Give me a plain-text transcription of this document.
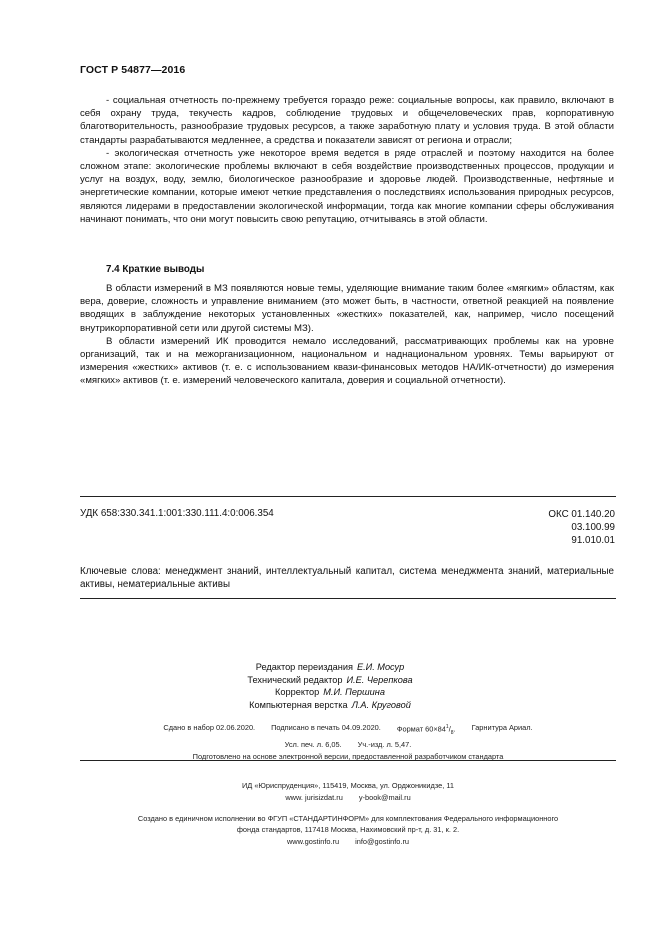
ГОСТ Р 54877—2016

- социальная отчетность по-прежнему требуется гораздо реже: социальные вопросы, как правило, включают в себя охрану труда, текучесть кадров, соблюдение трудовых и общечеловеческих прав, корпоративную благотворительность, разнообразие трудовых ресурсов, а также заработную плату и условия труда. В этой области стандарты разрабатываются медленнее, а средства и показатели зависят от региона и отрасли;

- экологическая отчетность уже некоторое время ведется в ряде отраслей и поэтому находится на более сложном этапе: экологические проблемы включают в себя воздействие производственных процессов, продукции и услуг на воздух, воду, землю, биологическое разнообразие и здоровье людей. Производственные, нефтяные и энергетические компании, которые имеют четкие представления о последствиях использования природных ресурсов, являются лидерами в предоставлении экологической информации, тогда как многие компании сферы обслуживания начинают понимать, что они могут повысить свою репутацию, отчитываясь в этой области.

7.4 Краткие выводы

В области измерений в МЗ появляются новые темы, уделяющие внимание таким более «мягким» областям, как вера, доверие, сложность и управление вниманием (это может быть, в частности, ответной реакцией на появление вводящих в заблуждение некоторых установленных «жестких» показателей, как, например, число посещений внутрикорпоративной сети или другой системы МЗ).

В области измерений ИК проводится немало исследований, рассматривающих проблемы как на уровне организаций, так и на межорганизационном, национальном и наднациональном уровнях. Темы варьируют от измерения «жестких» активов (т. е. с использованием квази-финансовых методов НА/ИК-отчетности) до измерения «мягких» активов (т. е. измерений человеческого капитала, доверия и социальной отчетности).

УДК 658:330.341.1:001:330.111.4:0:006.354	ОКС 01.140.20
03.100.99
91.010.01
Ключевые слова: менеджмент знаний, интеллектуальный капитал, система менеджмента знаний, материальные активы, нематериальные активы
Редактор переиздания Е.И. Мосур
Технический редактор И.Е. Черепкова
Корректор М.И. Першина
Компьютерная верстка Л.А. Круговой
Сдано в набор 02.06.2020. Подписано в печать 04.09.2020. Формат $60\times 84^1/_8$. Гарнитура Ариал.
Усл. печ. л. 6,05. Уч.-изд. л. 5,47.
Подготовлено на основе электронной версии, предоставленной разработчиком стандарта
ИД «Юриспруденция», 115419, Москва, ул. Орджоникидзе, 11
www. jurisizdat.ru y-book@mail.ru
Создано в единичном исполнении во ФГУП «СТАНДАРТИНФОРМ» для комплектования Федерального информационного
фонда стандартов, 117418 Москва, Нахимовский пр-т, д. 31, к. 2.
www.gostinfo.ru info@gostinfo.ru
